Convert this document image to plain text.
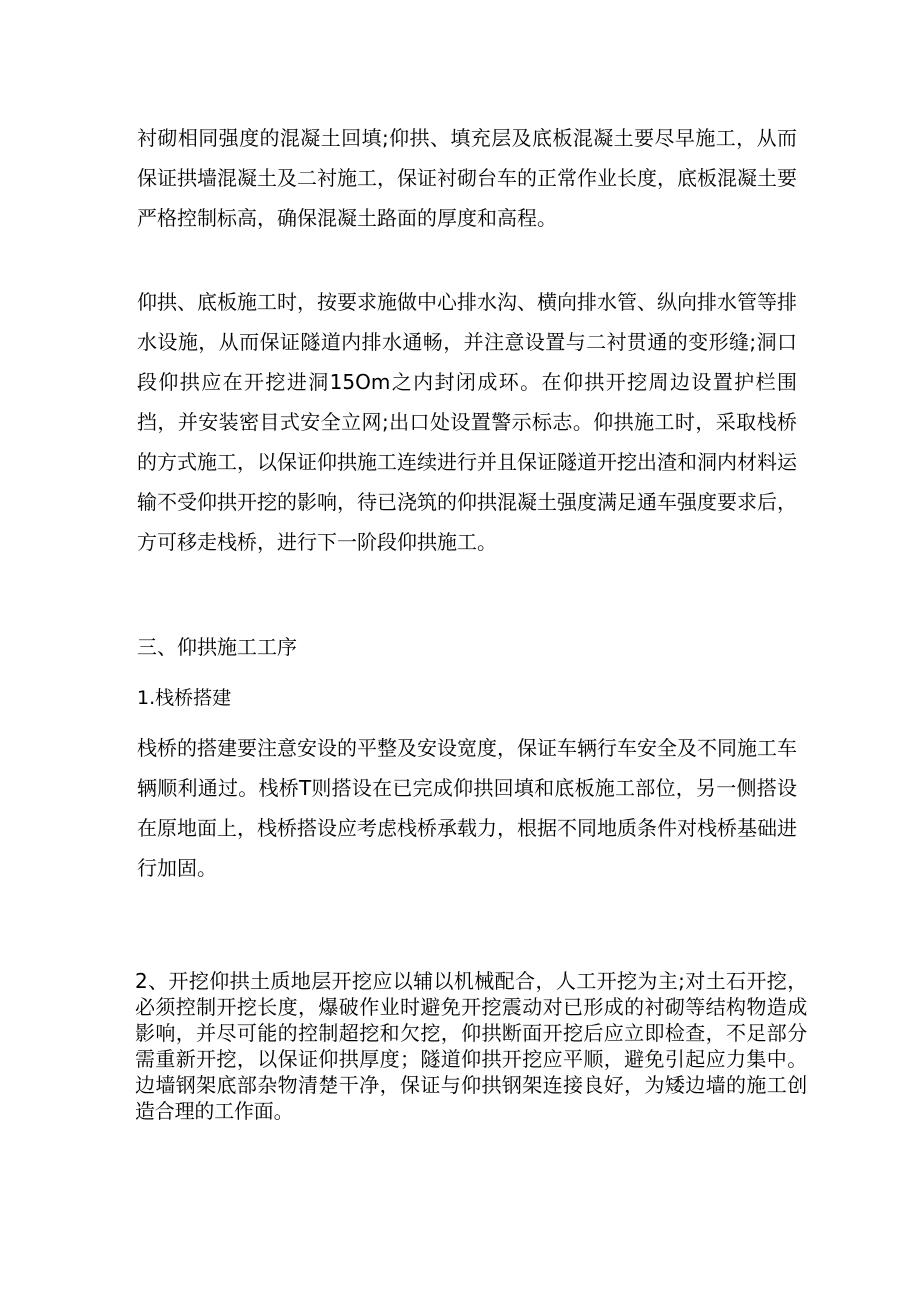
衬砌相同强度的混凝土回填;仰拱、填充层及底板混凝土要尽早施工，从而保证拱墙混凝土及二衬施工，保证衬砌台车的正常作业长度，底板混凝土要严格控制标高，确保混凝土路面的厚度和高程。

仰拱、底板施工时，按要求施做中心排水沟、横向排水管、纵向排水管等排水设施，从而保证隧道内排水通畅，并注意设置与二衬贯通的变形缝;洞口段仰拱应在开挖进洞15Om之内封闭成环。在仰拱开挖周边设置护栏围挡，并安装密目式安全立网;出口处设置警示标志。仰拱施工时，采取栈桥的方式施工，以保证仰拱施工连续进行并且保证隧道开挖出渣和洞内材料运输不受仰拱开挖的影响，待已浇筑的仰拱混凝土强度满足通车强度要求后，方可移走栈桥，进行下一阶段仰拱施工。

三、仰拱施工工序

1.栈桥搭建

栈桥的搭建要注意安设的平整及安设宽度，保证车辆行车安全及不同施工车辆顺利通过。栈桥T则搭设在已完成仰拱回填和底板施工部位，另一侧搭设在原地面上，栈桥搭设应考虑栈桥承载力，根据不同地质条件对栈桥基础进行加固。

2、开挖仰拱土质地层开挖应以辅以机械配合，人工开挖为主;对土石开挖，必须控制开挖长度，爆破作业时避免开挖震动对已形成的衬砌等结构物造成影响，并尽可能的控制超挖和欠挖，仰拱断面开挖后应立即检查，不足部分需重新开挖，以保证仰拱厚度；隧道仰拱开挖应平顺，避免引起应力集中。边墙钢架底部杂物清楚干净，保证与仰拱钢架连接良好，为矮边墙的施工创造合理的工作面。
